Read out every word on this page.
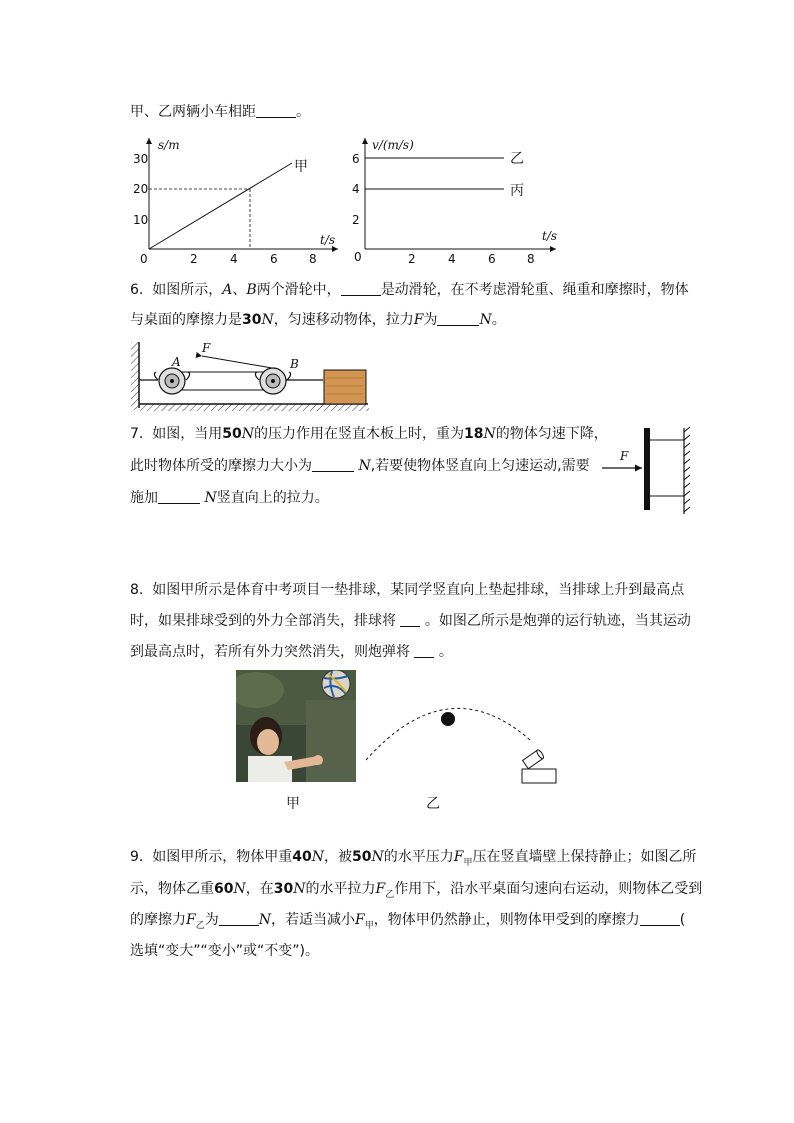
甲、乙两辆小车相距	。
s/m
t/s
30
20
10
0	2	4	6	8
甲
v/(m/s)
t/s
6
4
2
0	2	4	6	8
乙
丙
6. 如图所示，A、B两个滑轮中，	是动滑轮，在不考虑滑轮重、绳重和摩擦时，物体
与桌面的摩擦力是30N，匀速移动物体，拉力F为	N。
A	B
F
7. 如图，当用50N的压力作用在竖直木板上时，重为18N的物体匀速下降，
此时物体所受的摩擦力大小为	N,若要使物体竖直向上匀速运动,需要
施加	N竖直向上的拉力。
F
8. 如图甲所示是体育中考项目一垫排球，某同学竖直向上垫起排球，当排球上升到最高点
时，如果排球受到的外力全部消失，排球将 。如图乙所示是炮弹的运行轨迹，当其运动
到最高点时，若所有外力突然消失，则炮弹将 。
甲	乙
9. 如图甲所示，物体甲重40N，被50N的水平压力$F_甲$压在竖直墙壁上保持静止；如图乙所
示，物体乙重60N，在30N的水平拉力$F_乙$作用下，沿水平桌面匀速向右运动，则物体乙受到
的摩擦力$F_乙$为	N，若适当减小$F_甲$，物体甲仍然静止，则物体甲受到的摩擦力	(
选填“变大”“变小”或“不变”)。
